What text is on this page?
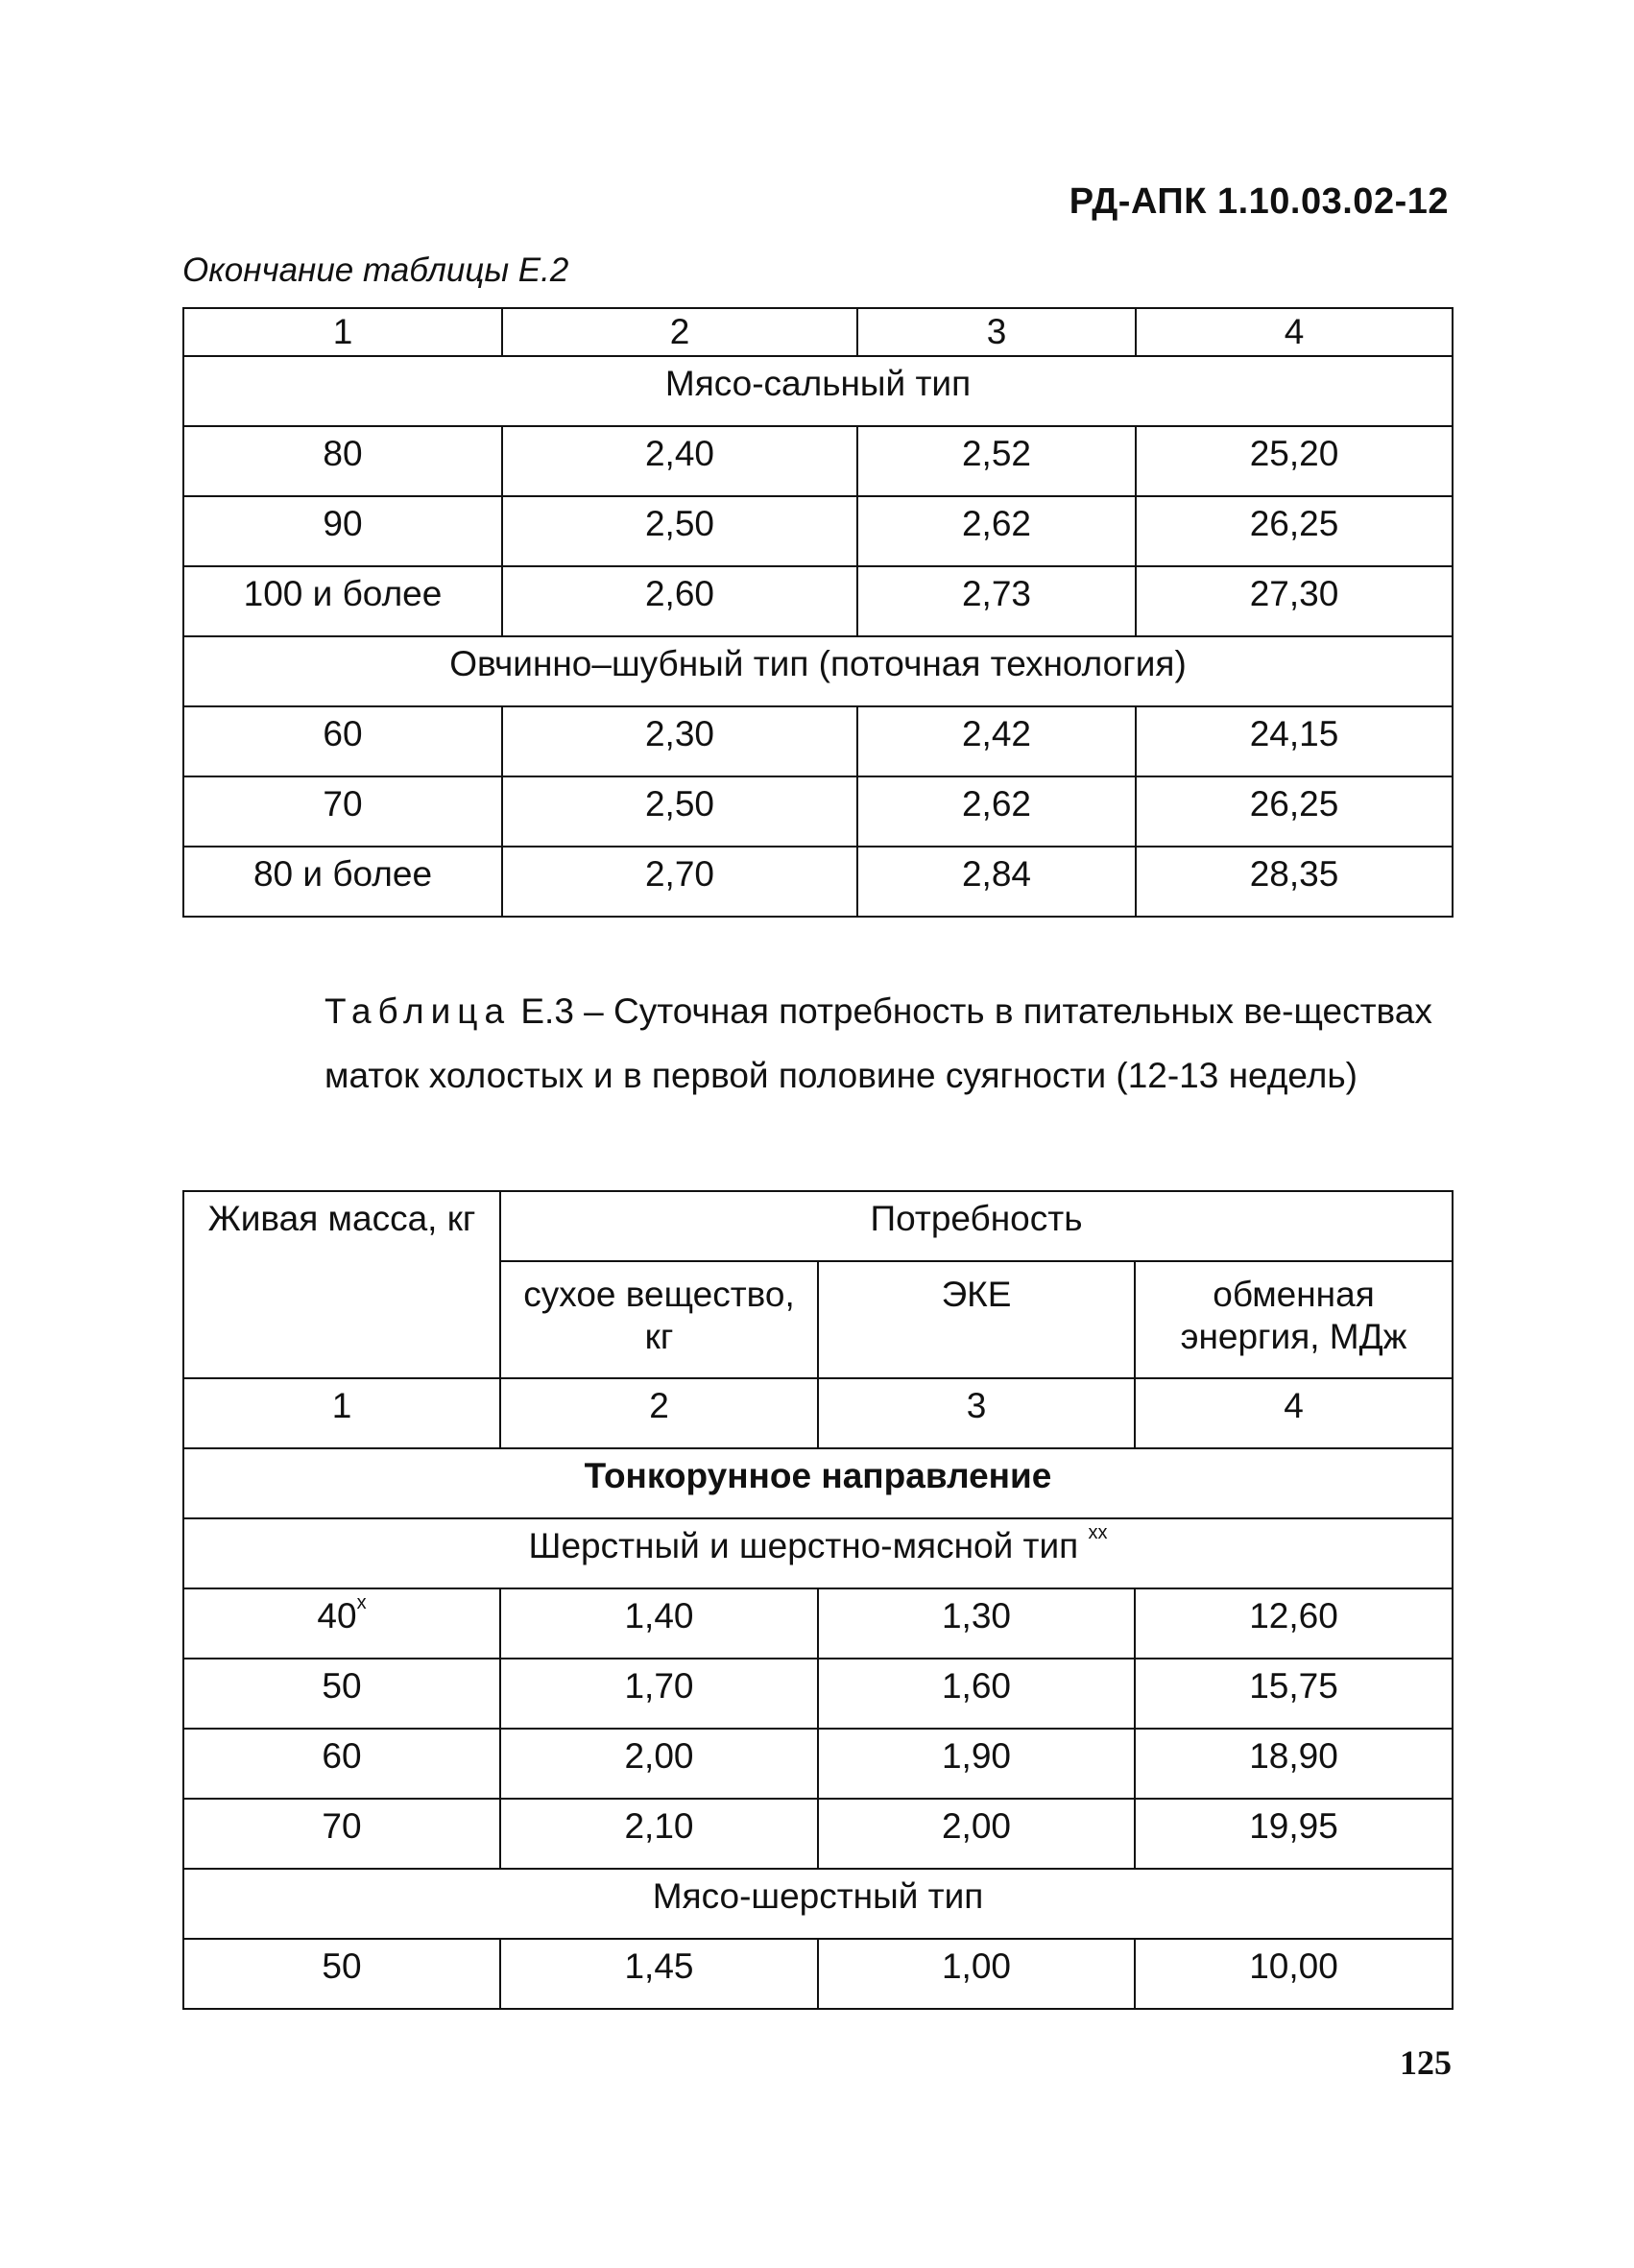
РД-АПК 1.10.03.02-12
Окончание таблицы Е.2
1	2	3	4
Мясо-сальный тип			
80	2,40	2,52	25,20
90	2,50	2,62	26,25
100 и более	2,60	2,73	27,30
Овчинно–шубный тип (поточная технология)			
60	2,30	2,42	24,15
70	2,50	2,62	26,25
80 и более	2,70	2,84	28,35
Таблица Е.3 – Суточная потребность в питательных ве-ществах маток холостых и в первой половине суягности (12-13 недель)
Живая масса, кг	Потребность		
	сухое вещество, кг	ЭКЕ	обменная энергия, МДж
1	2	3	4
Тонкорунное направление			
Шерстный и шерстно-мясной тип $^{xx}$
40$^x$	1,40	1,30	12,60
50	1,70	1,60	15,75
60	2,00	1,90	18,90
70	2,10	2,00	19,95
Мясо-шерстный тип			
50	1,45	1,00	10,00
125
